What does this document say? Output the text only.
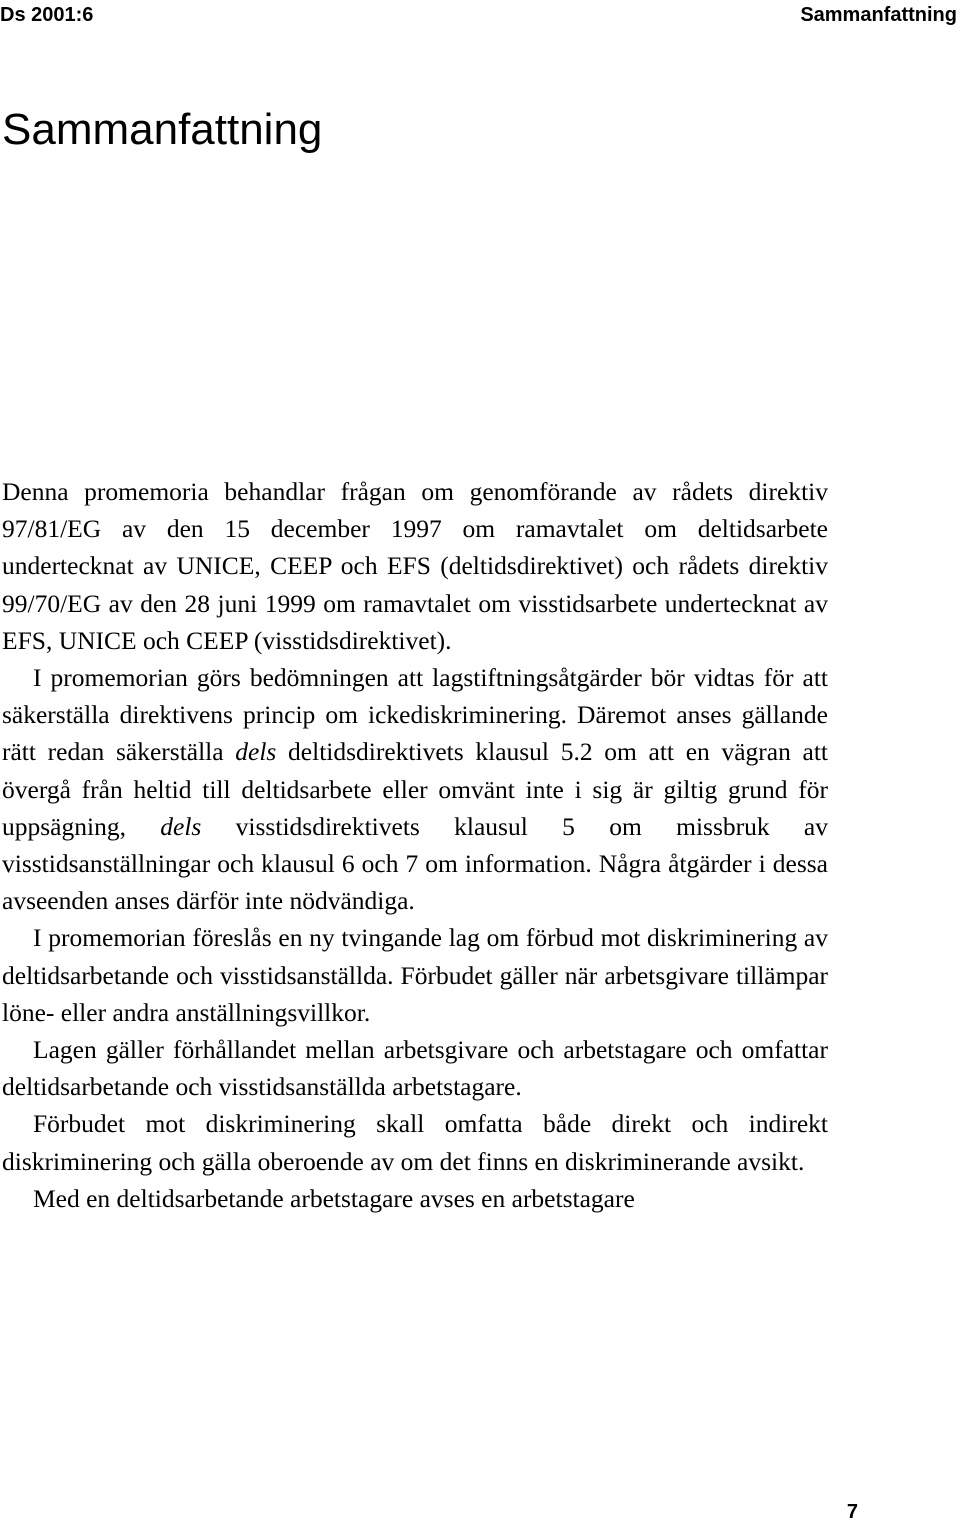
Ds 2001:6	Sammanfattning
Sammanfattning

Denna promemoria behandlar frågan om genomförande av rådets direktiv 97/81/EG av den 15 december 1997 om ramavtalet om deltidsarbete undertecknat av UNICE, CEEP och EFS (deltidsdirektivet) och rådets direktiv 99/70/EG av den 28 juni 1999 om ramavtalet om visstidsarbete undertecknat av EFS, UNICE och CEEP (visstidsdirektivet).

I promemorian görs bedömningen att lagstiftningsåtgärder bör vidtas för att säkerställa direktivens princip om ickediskriminering. Däremot anses gällande rätt redan säkerställa dels deltidsdirektivets klausul 5.2 om att en vägran att övergå från heltid till deltidsarbete eller omvänt inte i sig är giltig grund för uppsägning, dels visstidsdirektivets klausul 5 om missbruk av visstidsanställningar och klausul 6 och 7 om information. Några åtgärder i dessa avseenden anses därför inte nödvändiga.

I promemorian föreslås en ny tvingande lag om förbud mot diskriminering av deltidsarbetande och visstidsanställda. Förbudet gäller när arbetsgivare tillämpar löne- eller andra anställningsvillkor.

Lagen gäller förhållandet mellan arbetsgivare och arbetstagare och omfattar deltidsarbetande och visstidsanställda arbetstagare.

Förbudet mot diskriminering skall omfatta både direkt och indirekt diskriminering och gälla oberoende av om det finns en diskriminerande avsikt.

Med en deltidsarbetande arbetstagare avses en arbetstagare

7
